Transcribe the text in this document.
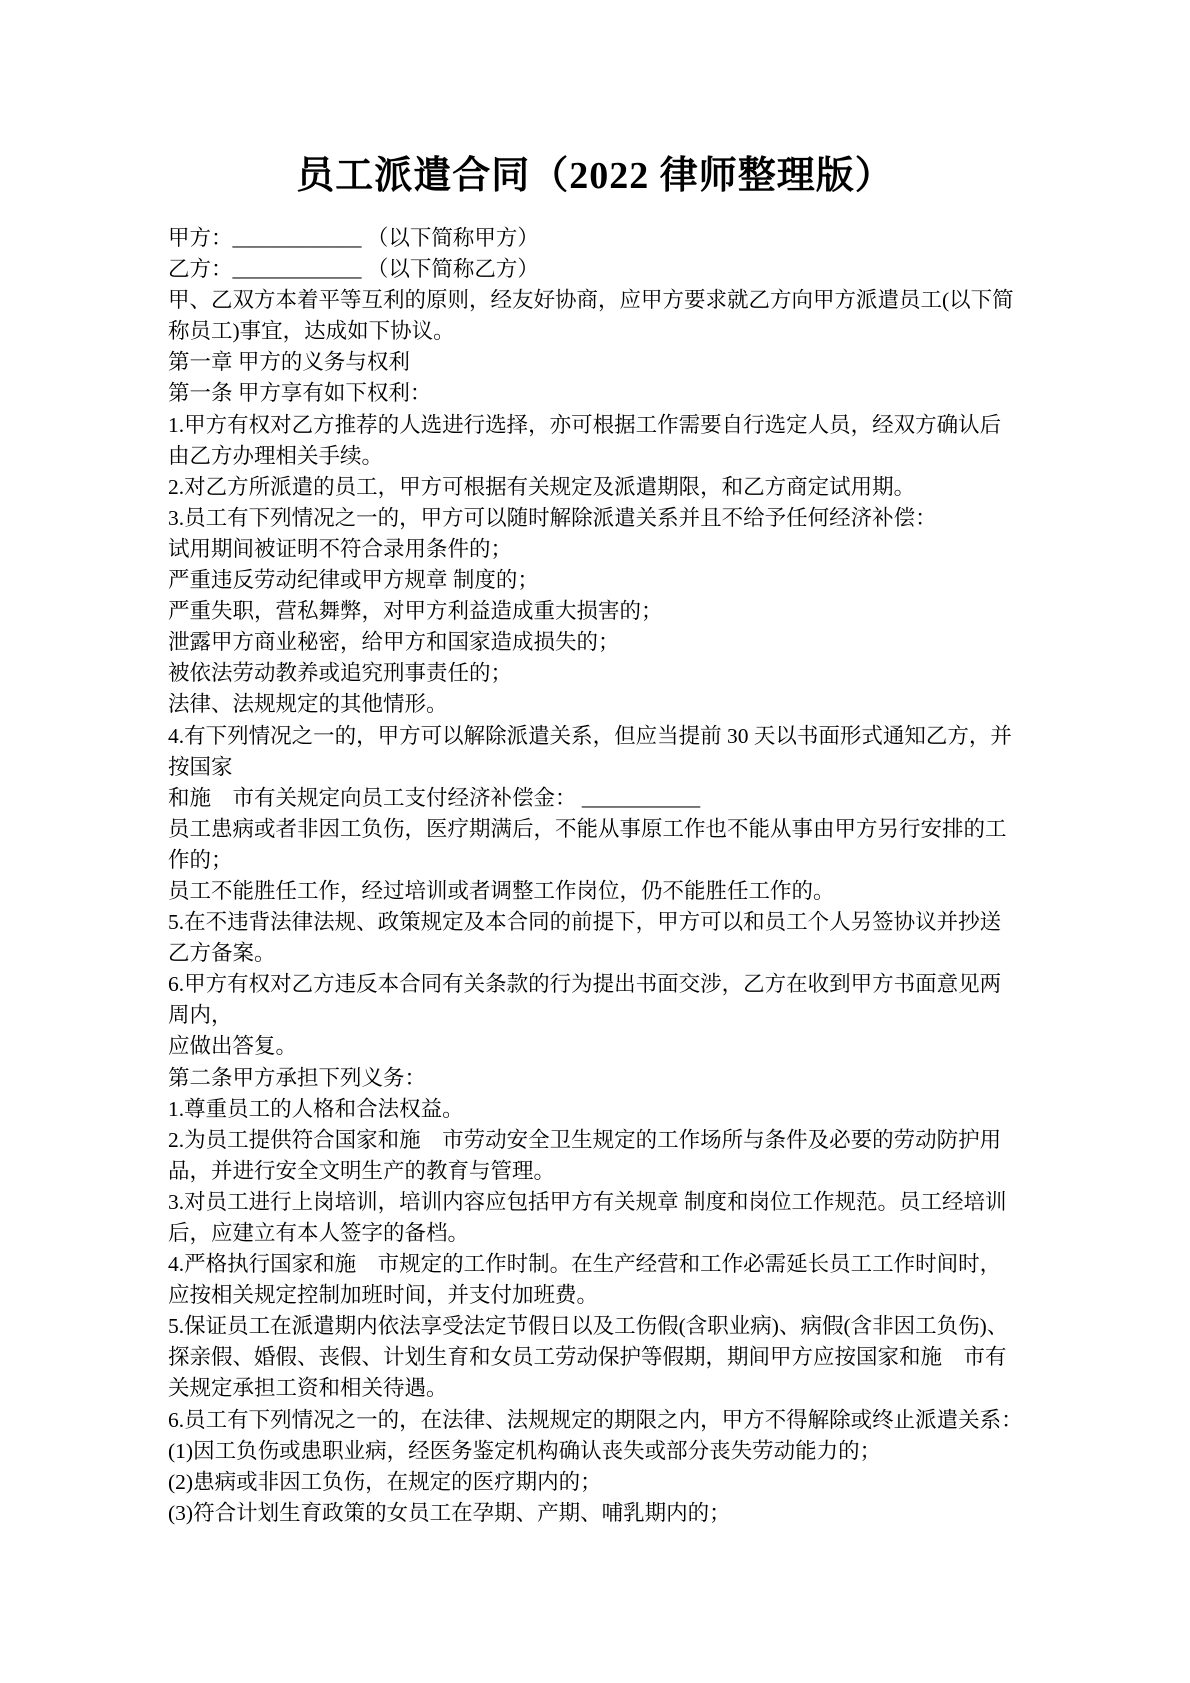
员工派遣合同（2022 律师整理版）
甲方：____________ （以下简称甲方）
乙方：____________ （以下简称乙方）
甲、乙双方本着平等互利的原则，经友好协商，应甲方要求就乙方向甲方派遣员工(以下简
称员工)事宜，达成如下协议。
第一章 甲方的义务与权利
第一条 甲方享有如下权利：
1.甲方有权对乙方推荐的人选进行选择，亦可根据工作需要自行选定人员，经双方确认后
由乙方办理相关手续。
2.对乙方所派遣的员工，甲方可根据有关规定及派遣期限，和乙方商定试用期。
3.员工有下列情况之一的，甲方可以随时解除派遣关系并且不给予任何经济补偿：
试用期间被证明不符合录用条件的；
严重违反劳动纪律或甲方规章 制度的；
严重失职，营私舞弊，对甲方利益造成重大损害的；
泄露甲方商业秘密，给甲方和国家造成损失的；
被依法劳动教养或追究刑事责任的；
法律、法规规定的其他情形。
4.有下列情况之一的，甲方可以解除派遣关系，但应当提前 30 天以书面形式通知乙方，并
按国家
和施　市有关规定向员工支付经济补偿金： ___________
员工患病或者非因工负伤，医疗期满后，不能从事原工作也不能从事由甲方另行安排的工
作的；
员工不能胜任工作，经过培训或者调整工作岗位，仍不能胜任工作的。
5.在不违背法律法规、政策规定及本合同的前提下，甲方可以和员工个人另签协议并抄送
乙方备案。
6.甲方有权对乙方违反本合同有关条款的行为提出书面交涉，乙方在收到甲方书面意见两
周内，
应做出答复。
第二条甲方承担下列义务：
1.尊重员工的人格和合法权益。
2.为员工提供符合国家和施　市劳动安全卫生规定的工作场所与条件及必要的劳动防护用
品，并进行安全文明生产的教育与管理。
3.对员工进行上岗培训，培训内容应包括甲方有关规章 制度和岗位工作规范。员工经培训
后，应建立有本人签字的备档。
4.严格执行国家和施　市规定的工作时制。在生产经营和工作必需延长员工工作时间时，
应按相关规定控制加班时间，并支付加班费。
5.保证员工在派遣期内依法享受法定节假日以及工伤假(含职业病)、病假(含非因工负伤)、
探亲假、婚假、丧假、计划生育和女员工劳动保护等假期，期间甲方应按国家和施　市有
关规定承担工资和相关待遇。
6.员工有下列情况之一的，在法律、法规规定的期限之内，甲方不得解除或终止派遣关系：
(1)因工负伤或患职业病，经医务鉴定机构确认丧失或部分丧失劳动能力的；
(2)患病或非因工负伤，在规定的医疗期内的；
(3)符合计划生育政策的女员工在孕期、产期、哺乳期内的；
